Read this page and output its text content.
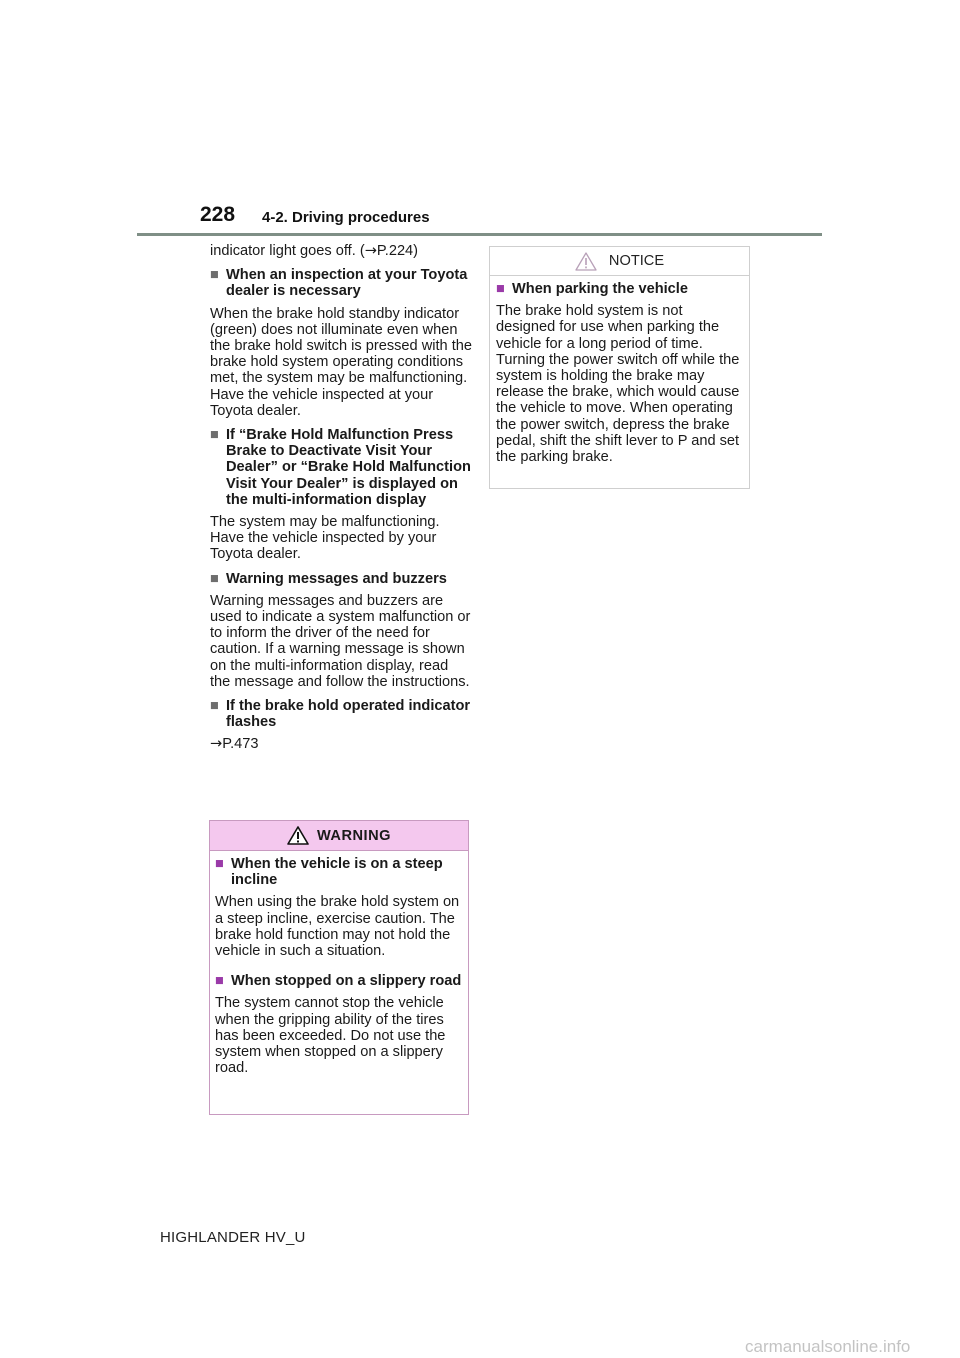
228 4-2. Driving procedures

indicator light goes off. (→P.224)

■ When an inspection at your Toyota dealer is necessary

When the brake hold standby indicator (green) does not illuminate even when the brake hold switch is pressed with the brake hold system operating conditions met, the system may be malfunctioning. Have the vehicle inspected at your Toyota dealer.

■ If “Brake Hold Malfunction Press Brake to Deactivate Visit Your Dealer” or “Brake Hold Malfunction Visit Your Dealer” is displayed on the multi-information display

The system may be malfunctioning. Have the vehicle inspected by your Toyota dealer.

■ Warning messages and buzzers

Warning messages and buzzers are used to indicate a system malfunction or to inform the driver of the need for caution. If a warning message is shown on the multi-information display, read the message and follow the instructions.

■ If the brake hold operated indicator flashes

→P.473

WARNING
■ When the vehicle is on a steep incline

When using the brake hold system on a steep incline, exercise caution. The brake hold function may not hold the vehicle in such a situation.

■ When stopped on a slippery road

The system cannot stop the vehicle when the gripping ability of the tires has been exceeded. Do not use the system when stopped on a slippery road.

NOTICE
■ When parking the vehicle

The brake hold system is not designed for use when parking the vehicle for a long period of time. Turning the power switch off while the system is holding the brake may release the brake, which would cause the vehicle to move. When operating the power switch, depress the brake pedal, shift the shift lever to P and set the parking brake.

HIGHLANDER HV_U
carmanualsonline.info
